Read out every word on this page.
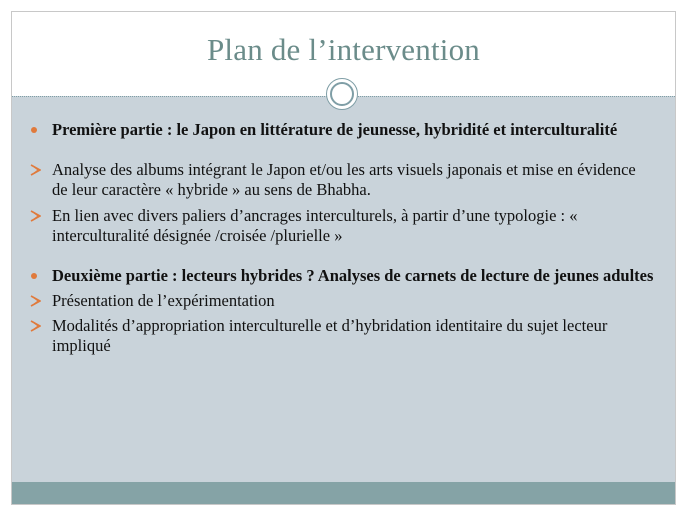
Plan de l’intervention
Première partie : le Japon en littérature de jeunesse, hybridité et interculturalité
Analyse des albums intégrant le Japon et/ou les arts visuels japonais et mise en évidence de leur caractère « hybride » au sens de Bhabha.
En lien avec divers paliers d’ancrages interculturels, à partir d’une typologie : « interculturalité désignée /croisée /plurielle »
Deuxième partie : lecteurs hybrides ? Analyses de carnets de lecture de jeunes adultes
Présentation de l’expérimentation
Modalités d’appropriation interculturelle et d’hybridation identitaire du sujet lecteur impliqué
